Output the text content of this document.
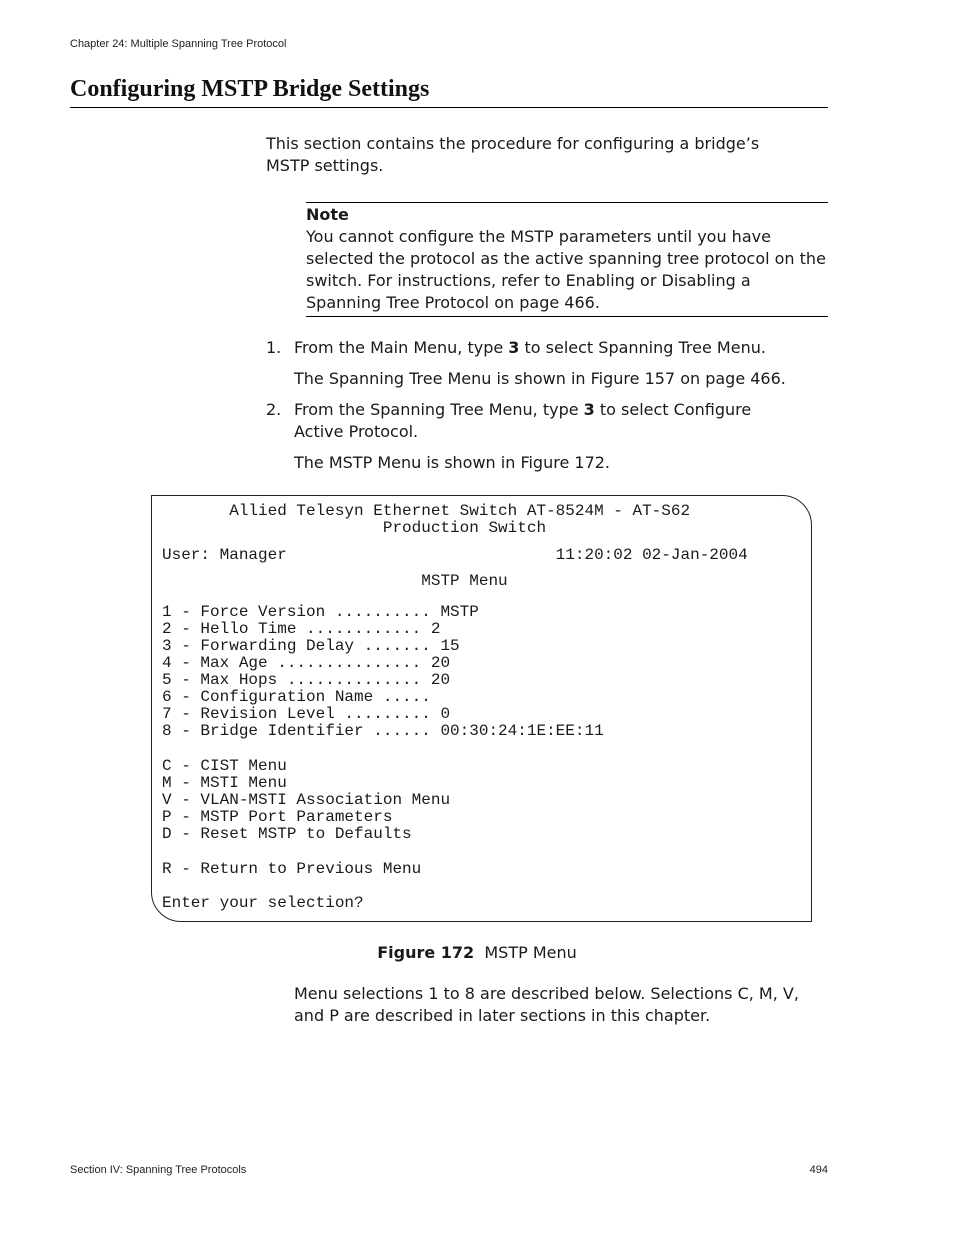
Chapter 24: Multiple Spanning Tree Protocol
Configuring MSTP Bridge Settings
This section contains the procedure for configuring a bridge’s MSTP settings.
Note
You cannot configure the MSTP parameters until you have selected the protocol as the active spanning tree protocol on the switch. For instructions, refer to Enabling or Disabling a Spanning Tree Protocol on page 466.
1. From the Main Menu, type 3 to select Spanning Tree Menu.
The Spanning Tree Menu is shown in Figure 157 on page 466.
2. From the Spanning Tree Menu, type 3 to select Configure Active Protocol.
The MSTP Menu is shown in Figure 172.
Allied Telesyn Ethernet Switch AT-8524M - AT-S62
Production Switch
User: Manager                            11:20:02 02-Jan-2004
MSTP Menu
1 - Force Version .......... MSTP
2 - Hello Time ............ 2
3 - Forwarding Delay ....... 15
4 - Max Age ............... 20
5 - Max Hops .............. 20
6 - Configuration Name .....
7 - Revision Level ......... 0
8 - Bridge Identifier ...... 00:30:24:1E:EE:11
C - CIST Menu
M - MSTI Menu
V - VLAN-MSTI Association Menu
P - MSTP Port Parameters
D - Reset MSTP to Defaults
R - Return to Previous Menu
Enter your selection?
Figure 172 MSTP Menu
Menu selections 1 to 8 are described below. Selections C, M, V, and P are described in later sections in this chapter.
Section IV: Spanning Tree Protocols	494
